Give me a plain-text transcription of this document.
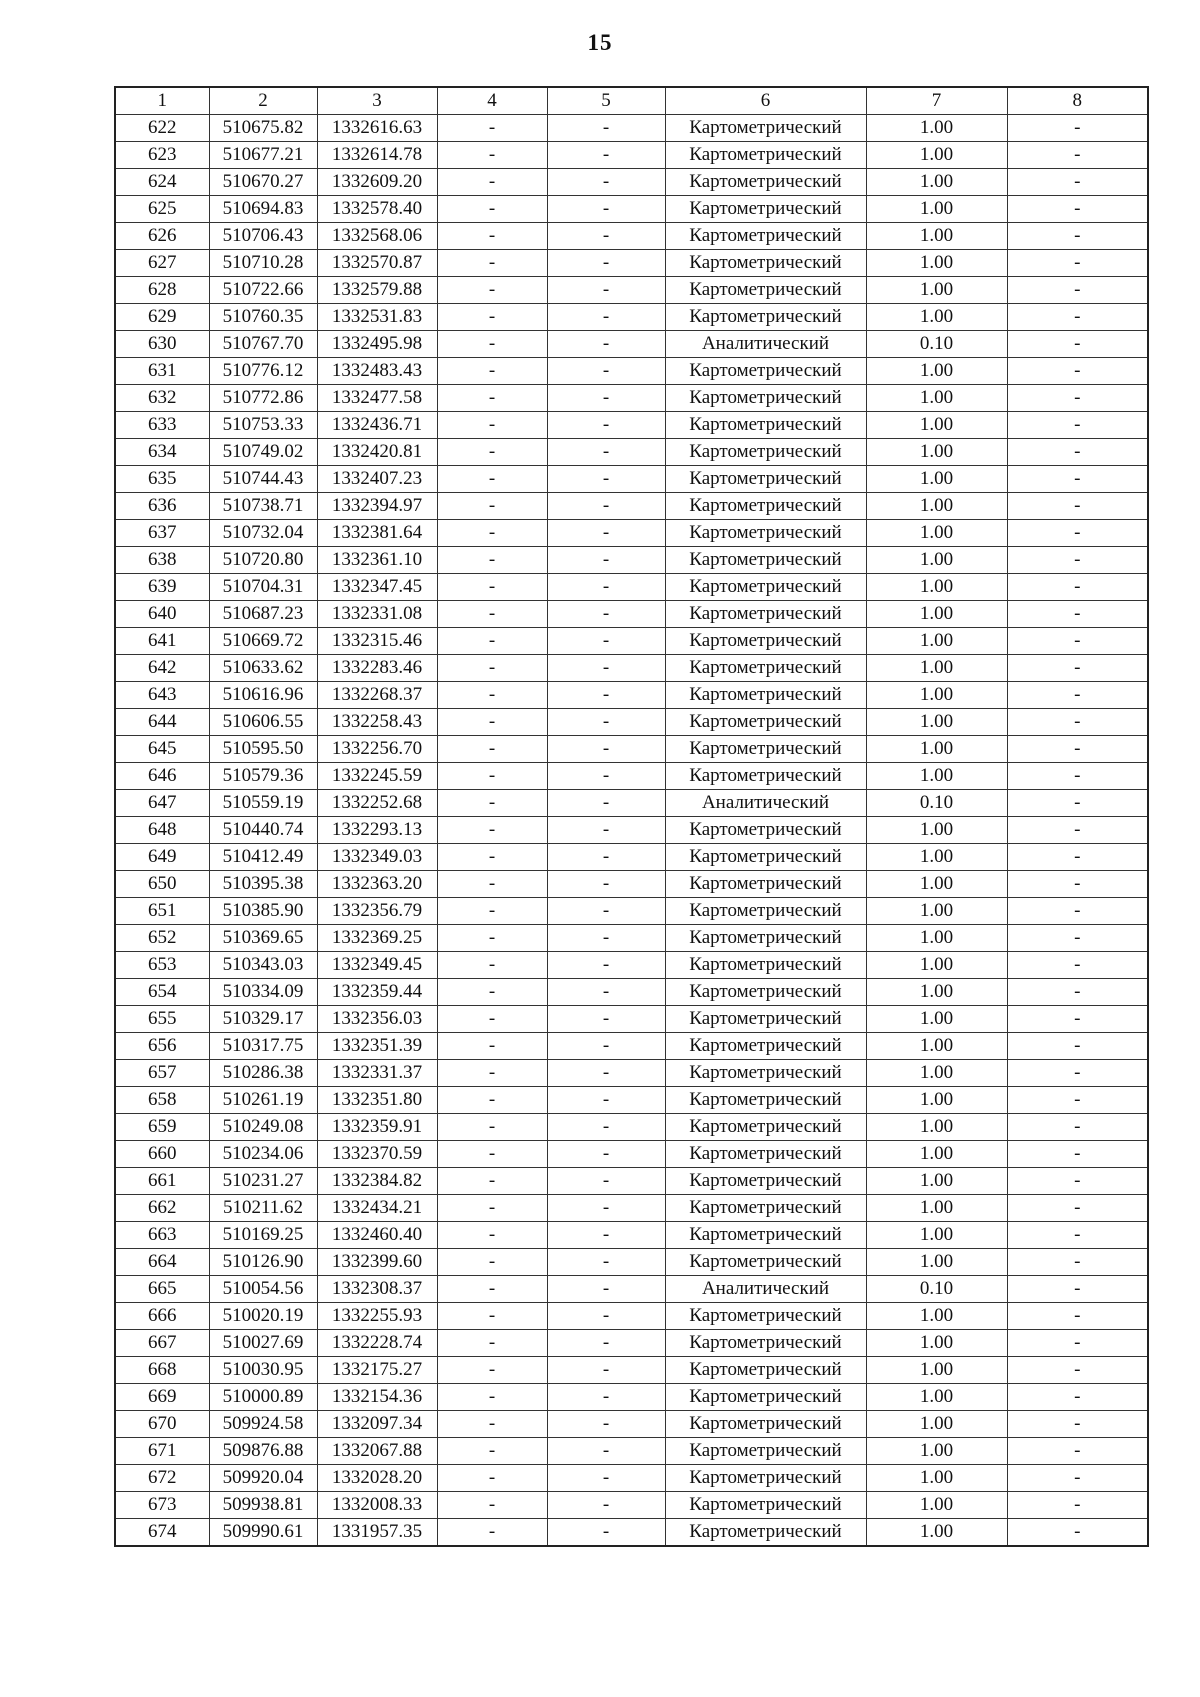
15
1	2	3	4	5	6	7	8
622	510675.82	1332616.63	-	-	Картометрический	1.00	-
623	510677.21	1332614.78	-	-	Картометрический	1.00	-
624	510670.27	1332609.20	-	-	Картометрический	1.00	-
625	510694.83	1332578.40	-	-	Картометрический	1.00	-
626	510706.43	1332568.06	-	-	Картометрический	1.00	-
627	510710.28	1332570.87	-	-	Картометрический	1.00	-
628	510722.66	1332579.88	-	-	Картометрический	1.00	-
629	510760.35	1332531.83	-	-	Картометрический	1.00	-
630	510767.70	1332495.98	-	-	Аналитический	0.10	-
631	510776.12	1332483.43	-	-	Картометрический	1.00	-
632	510772.86	1332477.58	-	-	Картометрический	1.00	-
633	510753.33	1332436.71	-	-	Картометрический	1.00	-
634	510749.02	1332420.81	-	-	Картометрический	1.00	-
635	510744.43	1332407.23	-	-	Картометрический	1.00	-
636	510738.71	1332394.97	-	-	Картометрический	1.00	-
637	510732.04	1332381.64	-	-	Картометрический	1.00	-
638	510720.80	1332361.10	-	-	Картометрический	1.00	-
639	510704.31	1332347.45	-	-	Картометрический	1.00	-
640	510687.23	1332331.08	-	-	Картометрический	1.00	-
641	510669.72	1332315.46	-	-	Картометрический	1.00	-
642	510633.62	1332283.46	-	-	Картометрический	1.00	-
643	510616.96	1332268.37	-	-	Картометрический	1.00	-
644	510606.55	1332258.43	-	-	Картометрический	1.00	-
645	510595.50	1332256.70	-	-	Картометрический	1.00	-
646	510579.36	1332245.59	-	-	Картометрический	1.00	-
647	510559.19	1332252.68	-	-	Аналитический	0.10	-
648	510440.74	1332293.13	-	-	Картометрический	1.00	-
649	510412.49	1332349.03	-	-	Картометрический	1.00	-
650	510395.38	1332363.20	-	-	Картометрический	1.00	-
651	510385.90	1332356.79	-	-	Картометрический	1.00	-
652	510369.65	1332369.25	-	-	Картометрический	1.00	-
653	510343.03	1332349.45	-	-	Картометрический	1.00	-
654	510334.09	1332359.44	-	-	Картометрический	1.00	-
655	510329.17	1332356.03	-	-	Картометрический	1.00	-
656	510317.75	1332351.39	-	-	Картометрический	1.00	-
657	510286.38	1332331.37	-	-	Картометрический	1.00	-
658	510261.19	1332351.80	-	-	Картометрический	1.00	-
659	510249.08	1332359.91	-	-	Картометрический	1.00	-
660	510234.06	1332370.59	-	-	Картометрический	1.00	-
661	510231.27	1332384.82	-	-	Картометрический	1.00	-
662	510211.62	1332434.21	-	-	Картометрический	1.00	-
663	510169.25	1332460.40	-	-	Картометрический	1.00	-
664	510126.90	1332399.60	-	-	Картометрический	1.00	-
665	510054.56	1332308.37	-	-	Аналитический	0.10	-
666	510020.19	1332255.93	-	-	Картометрический	1.00	-
667	510027.69	1332228.74	-	-	Картометрический	1.00	-
668	510030.95	1332175.27	-	-	Картометрический	1.00	-
669	510000.89	1332154.36	-	-	Картометрический	1.00	-
670	509924.58	1332097.34	-	-	Картометрический	1.00	-
671	509876.88	1332067.88	-	-	Картометрический	1.00	-
672	509920.04	1332028.20	-	-	Картометрический	1.00	-
673	509938.81	1332008.33	-	-	Картометрический	1.00	-
674	509990.61	1331957.35	-	-	Картометрический	1.00	-
